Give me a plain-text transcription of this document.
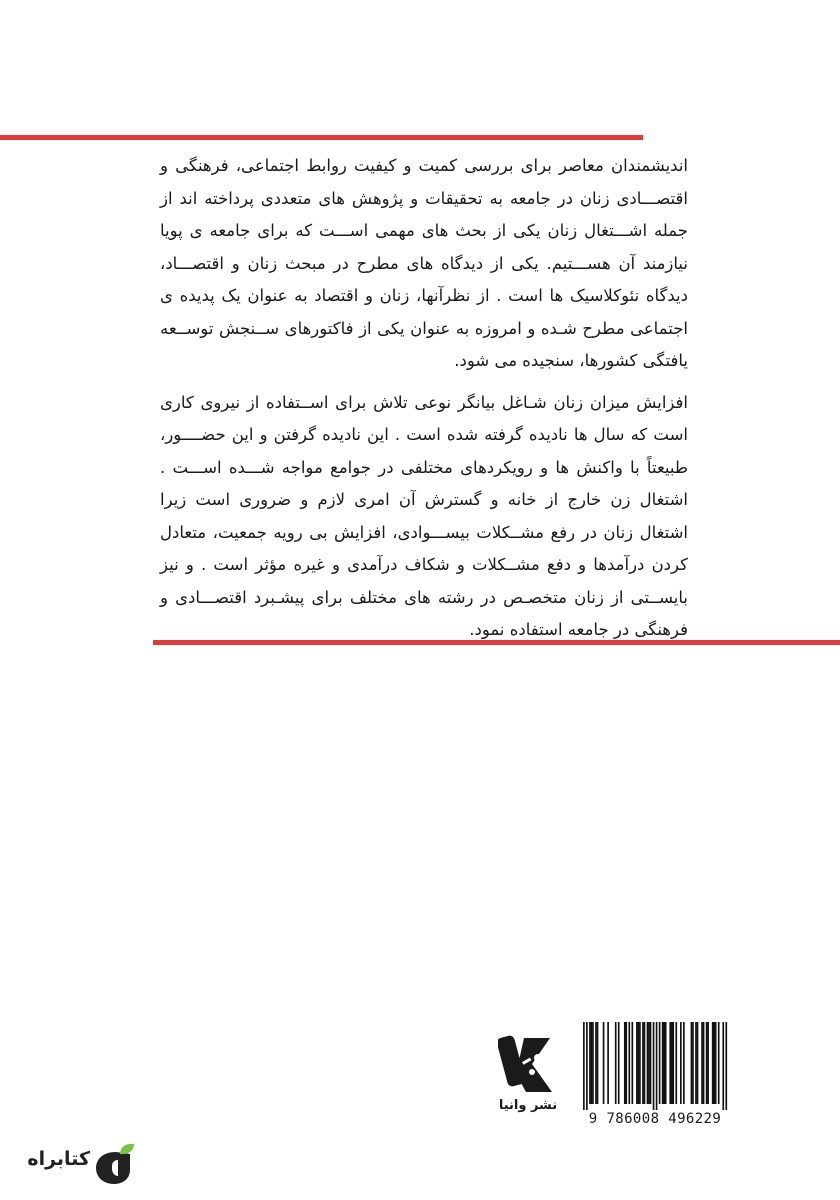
اندیشمندان معاصر برای بررسی کمیت و کیفیت روابط اجتماعی، فرهنگی و اقتصـــادی زنان در جامعه به تحقیقات و پژوهش های متعددی پرداخته اند از جمله اشـــتغال زنان یکی از بحث های مهمی اســـت که برای جامعه ی پویا نیازمند آن هســـتیم. یکی از دیدگاه های مطرح در مبحث زنان و اقتصـــاد، دیدگاه نئوکلاسیک ها است . از نظرآنها، زنان و اقتصاد به عنوان یک پدیده ی اجتماعی مطرح شـده و امروزه به عنوان یکی از فاکتورهای ســنجش توســعه یافتگی کشورها، سنجیده می شود.

افزایش میزان زنان شـاغل بیانگر نوعی تلاش برای اســتفاده از نیروی کاری است که سال ها نادیده گرفته شده است . این نادیده گرفتن و این حضــــور، طبیعتاً با واکنش ها و رویکردهای مختلفی در جوامع مواجه شـــده اســـت . اشتغال زن خارج از خانه و گسترش آن امری لازم و ضروری است زیرا اشتغال زنان در رفع مشــکلات بیســـوادی، افزایش بی رویه جمعیت، متعادل کردن درآمدها و دفع مشــکلات و شکاف درآمدی و غیره مؤثر است . و نیز بایســتی از زنان متخصـص در رشته های مختلف برای پیشـبرد اقتصـــادی و فرهنگی در جامعه استفاده نمود.

9 786008 496229
نشر وانیا
کتابراه
